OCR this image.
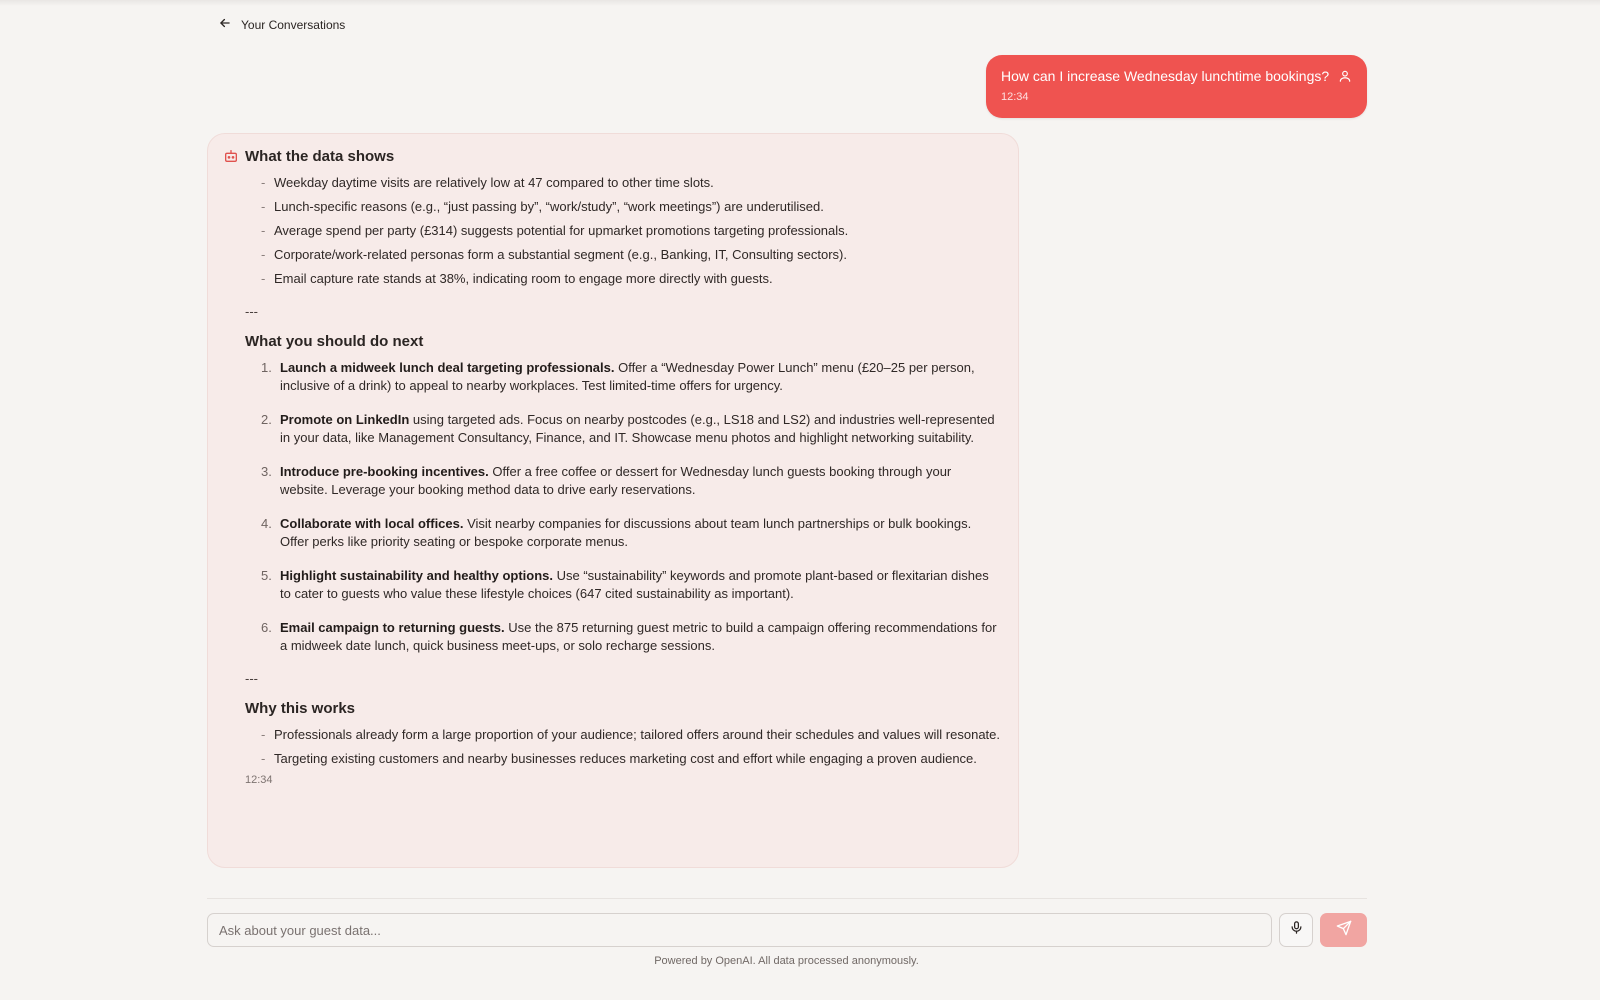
Your Conversations
How can I increase Wednesday lunchtime bookings?
12:34
What the data shows
- Weekday daytime visits are relatively low at 47 compared to other time slots.
- Lunch-specific reasons (e.g., “just passing by”, “work/study”, “work meetings”) are underutilised.
- Average spend per party (£314) suggests potential for upmarket promotions targeting professionals.
- Corporate/work-related personas form a substantial segment (e.g., Banking, IT, Consulting sectors).
- Email capture rate stands at 38%, indicating room to engage more directly with guests.
---
What you should do next
1. Launch a midweek lunch deal targeting professionals. Offer a “Wednesday Power Lunch” menu (£20–25 per person, inclusive of a drink) to appeal to nearby workplaces. Test limited-time offers for urgency.
2. Promote on LinkedIn using targeted ads. Focus on nearby postcodes (e.g., LS18 and LS2) and industries well-represented in your data, like Management Consultancy, Finance, and IT. Showcase menu photos and highlight networking suitability.
3. Introduce pre-booking incentives. Offer a free coffee or dessert for Wednesday lunch guests booking through your website. Leverage your booking method data to drive early reservations.
4. Collaborate with local offices. Visit nearby companies for discussions about team lunch partnerships or bulk bookings. Offer perks like priority seating or bespoke corporate menus.
5. Highlight sustainability and healthy options. Use “sustainability” keywords and promote plant-based or flexitarian dishes to cater to guests who value these lifestyle choices (647 cited sustainability as important).
6. Email campaign to returning guests. Use the 875 returning guest metric to build a campaign offering recommendations for a midweek date lunch, quick business meet-ups, or solo recharge sessions.
---
Why this works
- Professionals already form a large proportion of your audience; tailored offers around their schedules and values will resonate.
- Targeting existing customers and nearby businesses reduces marketing cost and effort while engaging a proven audience.
12:34
Ask about your guest data...
Powered by OpenAI. All data processed anonymously.
